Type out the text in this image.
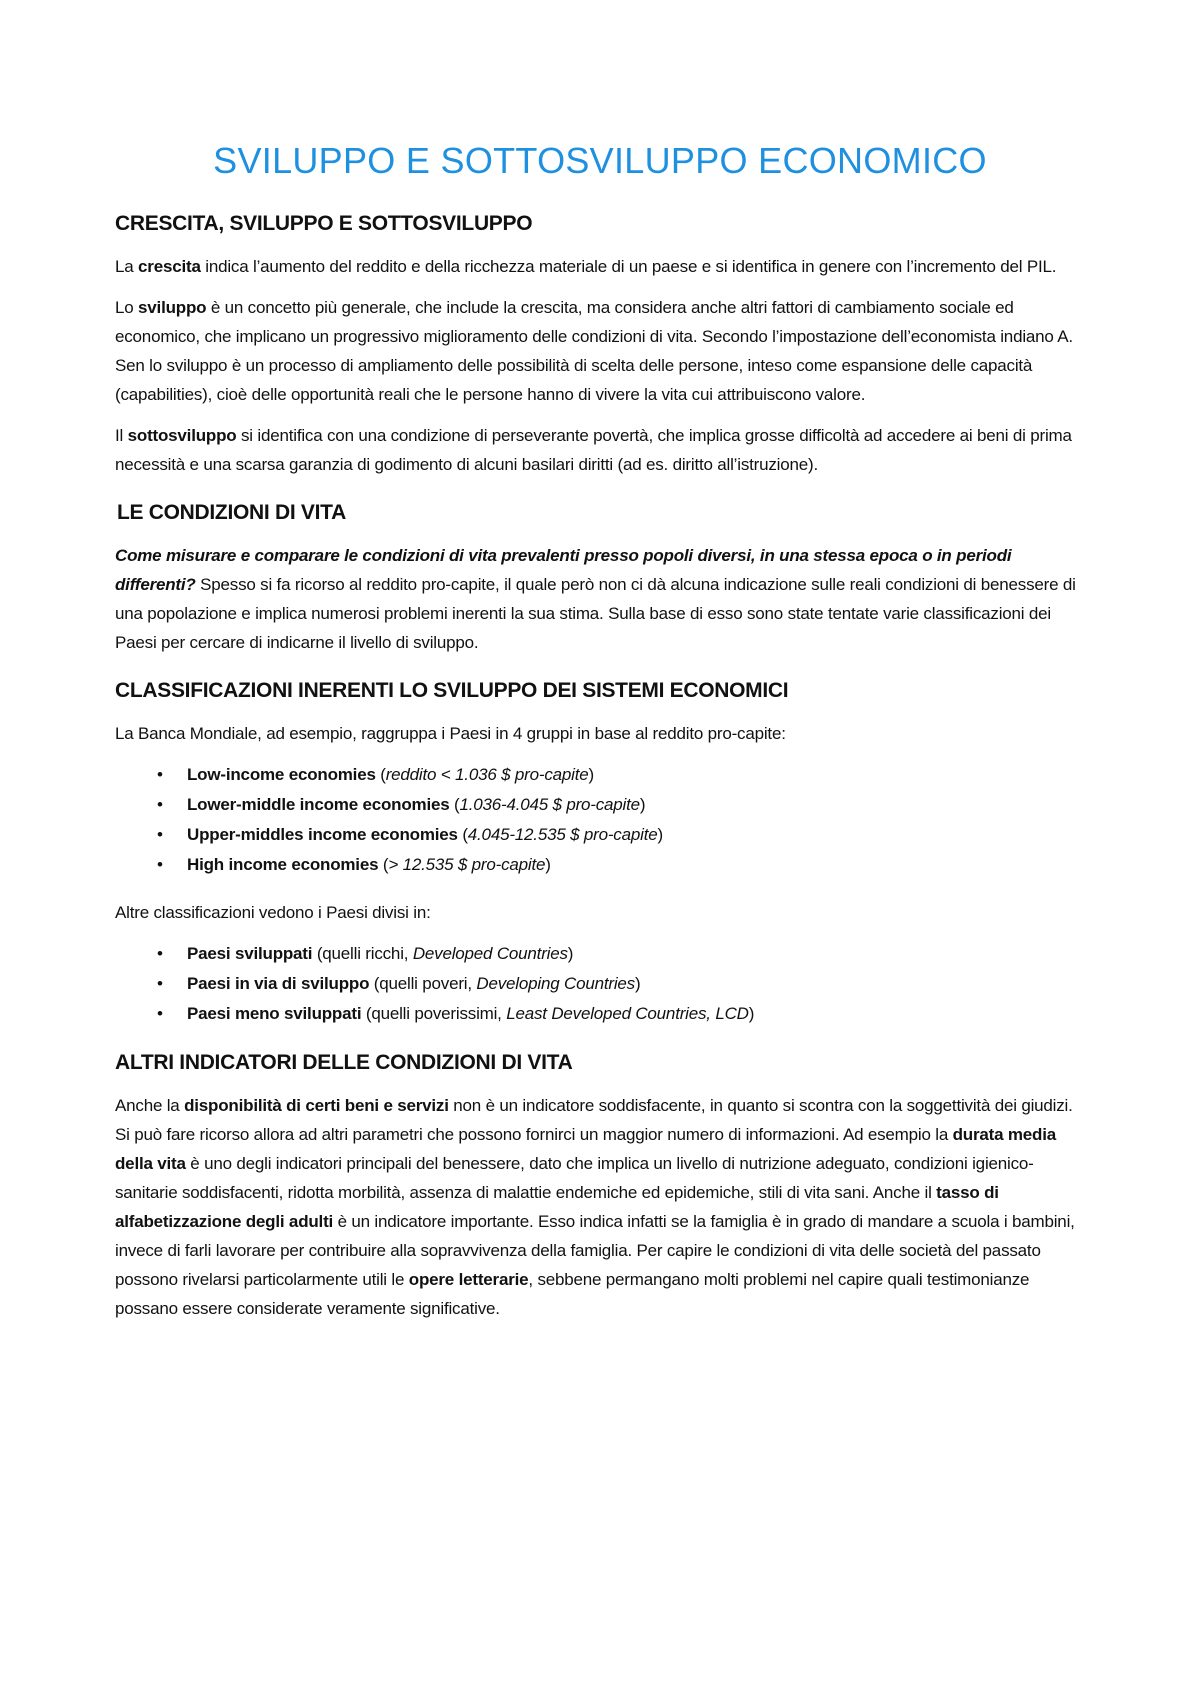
SVILUPPO E SOTTOSVILUPPO ECONOMICO
CRESCITA, SVILUPPO E SOTTOSVILUPPO

La crescita indica l’aumento del reddito e della ricchezza materiale di un paese e si identifica in genere con l’incremento del PIL.

Lo sviluppo è un concetto più generale, che include la crescita, ma considera anche altri fattori di cambiamento sociale ed economico, che implicano un progressivo miglioramento delle condizioni di vita. Secondo l’impostazione dell’economista indiano A. Sen lo sviluppo è un processo di ampliamento delle possibilità di scelta delle persone, inteso come espansione delle capacità (capabilities), cioè delle opportunità reali che le persone hanno di vivere la vita cui attribuiscono valore.

Il sottosviluppo si identifica con una condizione di perseverante povertà, che implica grosse difficoltà ad accedere ai beni di prima necessità e una scarsa garanzia di godimento di alcuni basilari diritti (ad es. diritto all’istruzione).

LE CONDIZIONI DI VITA

Come misurare e comparare le condizioni di vita prevalenti presso popoli diversi, in una stessa epoca o in periodi differenti? Spesso si fa ricorso al reddito pro-capite, il quale però non ci dà alcuna indicazione sulle reali condizioni di benessere di una popolazione e implica numerosi problemi inerenti la sua stima. Sulla base di esso sono state tentate varie classificazioni dei Paesi per cercare di indicarne il livello di sviluppo.

CLASSIFICAZIONI INERENTI LO SVILUPPO DEI SISTEMI ECONOMICI

La Banca Mondiale, ad esempio, raggruppa i Paesi in 4 gruppi in base al reddito pro-capite:

• Low-income economies (reddito < 1.036 $ pro-capite)
• Lower-middle income economies (1.036-4.045 $ pro-capite)
• Upper-middles income economies (4.045-12.535 $ pro-capite)
• High income economies (> 12.535 $ pro-capite)

Altre classificazioni vedono i Paesi divisi in:

• Paesi sviluppati (quelli ricchi, Developed Countries)
• Paesi in via di sviluppo (quelli poveri, Developing Countries)
• Paesi meno sviluppati (quelli poverissimi, Least Developed Countries, LCD)
ALTRI INDICATORI DELLE CONDIZIONI DI VITA

Anche la disponibilità di certi beni e servizi non è un indicatore soddisfacente, in quanto si scontra con la soggettività dei giudizi. Si può fare ricorso allora ad altri parametri che possono fornirci un maggior numero di informazioni. Ad esempio la durata media della vita è uno degli indicatori principali del benessere, dato che implica un livello di nutrizione adeguato, condizioni igienico-sanitarie soddisfacenti, ridotta morbilità, assenza di malattie endemiche ed epidemiche, stili di vita sani. Anche il tasso di alfabetizzazione degli adulti è un indicatore importante. Esso indica infatti se la famiglia è in grado di mandare a scuola i bambini, invece di farli lavorare per contribuire alla sopravvivenza della famiglia. Per capire le condizioni di vita delle società del passato possono rivelarsi particolarmente utili le opere letterarie, sebbene permangano molti problemi nel capire quali testimonianze possano essere considerate veramente significative.
